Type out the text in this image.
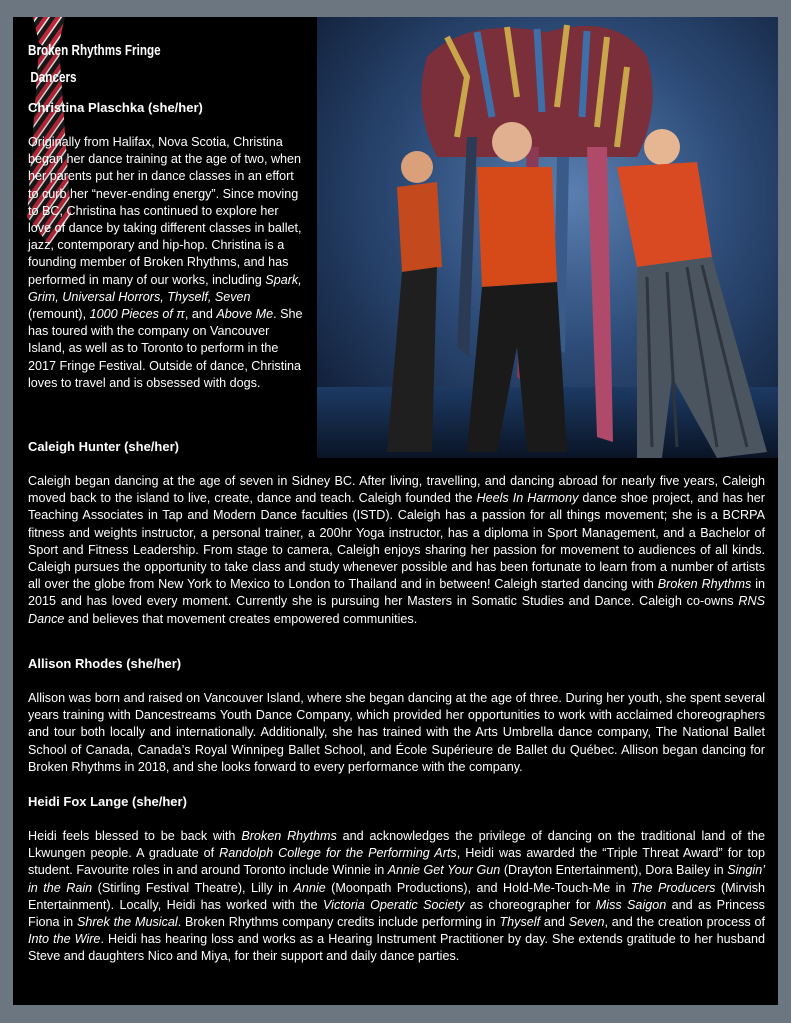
Broken Rhythms Fringe
Dancers
Christina Plaschka (she/her)

Originally from Halifax, Nova Scotia, Christina began her dance training at the age of two, when her parents put her in dance classes in an effort to curb her “never-ending energy”. Since moving to BC, Christina has continued to explore her love of dance by taking different classes in ballet, jazz, contemporary and hip-hop. Christina is a founding member of Broken Rhythms, and has performed in many of our works, including Spark, Grim, Universal Horrors, Thyself, Seven (remount), 1000 Pieces of π, and Above Me. She has toured with the company on Vancouver Island, as well as to Toronto to perform in the 2017 Fringe Festival. Outside of dance, Christina loves to travel and is obsessed with dogs.

Caleigh Hunter (she/her)

Caleigh began dancing at the age of seven in Sidney BC. After living, travelling, and dancing abroad for nearly five years, Caleigh moved back to the island to live, create, dance and teach. Caleigh founded the Heels In Harmony dance shoe project, and has her Teaching Associates in Tap and Modern Dance faculties (ISTD). Caleigh has a passion for all things movement; she is a BCRPA fitness and weights instructor, a personal trainer, a 200hr Yoga instructor, has a diploma in Sport Management, and a Bachelor of Sport and Fitness Leadership. From stage to camera, Caleigh enjoys sharing her passion for movement to audiences of all kinds. Caleigh pursues the opportunity to take class and study whenever possible and has been fortunate to learn from a number of artists all over the globe from New York to Mexico to London to Thailand and in between! Caleigh started dancing with Broken Rhythms in 2015 and has loved every moment. Currently she is pursuing her Masters in Somatic Studies and Dance. Caleigh co-owns RNS Dance and believes that movement creates empowered communities.

Allison Rhodes (she/her)

Allison was born and raised on Vancouver Island, where she began dancing at the age of three. During her youth, she spent several years training with Dancestreams Youth Dance Company, which provided her opportunities to work with acclaimed choreographers and tour both locally and internationally. Additionally, she has trained with the Arts Umbrella dance company, The National Ballet School of Canada, Canada’s Royal Winnipeg Ballet School, and École Supérieure de Ballet du Québec. Allison began dancing for Broken Rhythms in 2018, and she looks forward to every performance with the company.

Heidi Fox Lange (she/her)

Heidi feels blessed to be back with Broken Rhythms and acknowledges the privilege of dancing on the traditional land of the Lkwungen people. A graduate of Randolph College for the Performing Arts, Heidi was awarded the “Triple Threat Award” for top student. Favourite roles in and around Toronto include Winnie in Annie Get Your Gun (Drayton Entertainment), Dora Bailey in Singin’ in the Rain (Stirling Festival Theatre), Lilly in Annie (Moonpath Productions), and Hold-Me-Touch-Me in The Producers (Mirvish Entertainment). Locally, Heidi has worked with the Victoria Operatic Society as choreographer for Miss Saigon and as Princess Fiona in Shrek the Musical. Broken Rhythms company credits include performing in Thyself and Seven, and the creation process of Into the Wire. Heidi has hearing loss and works as a Hearing Instrument Practitioner by day. She extends gratitude to her husband Steve and daughters Nico and Miya, for their support and daily dance parties.
